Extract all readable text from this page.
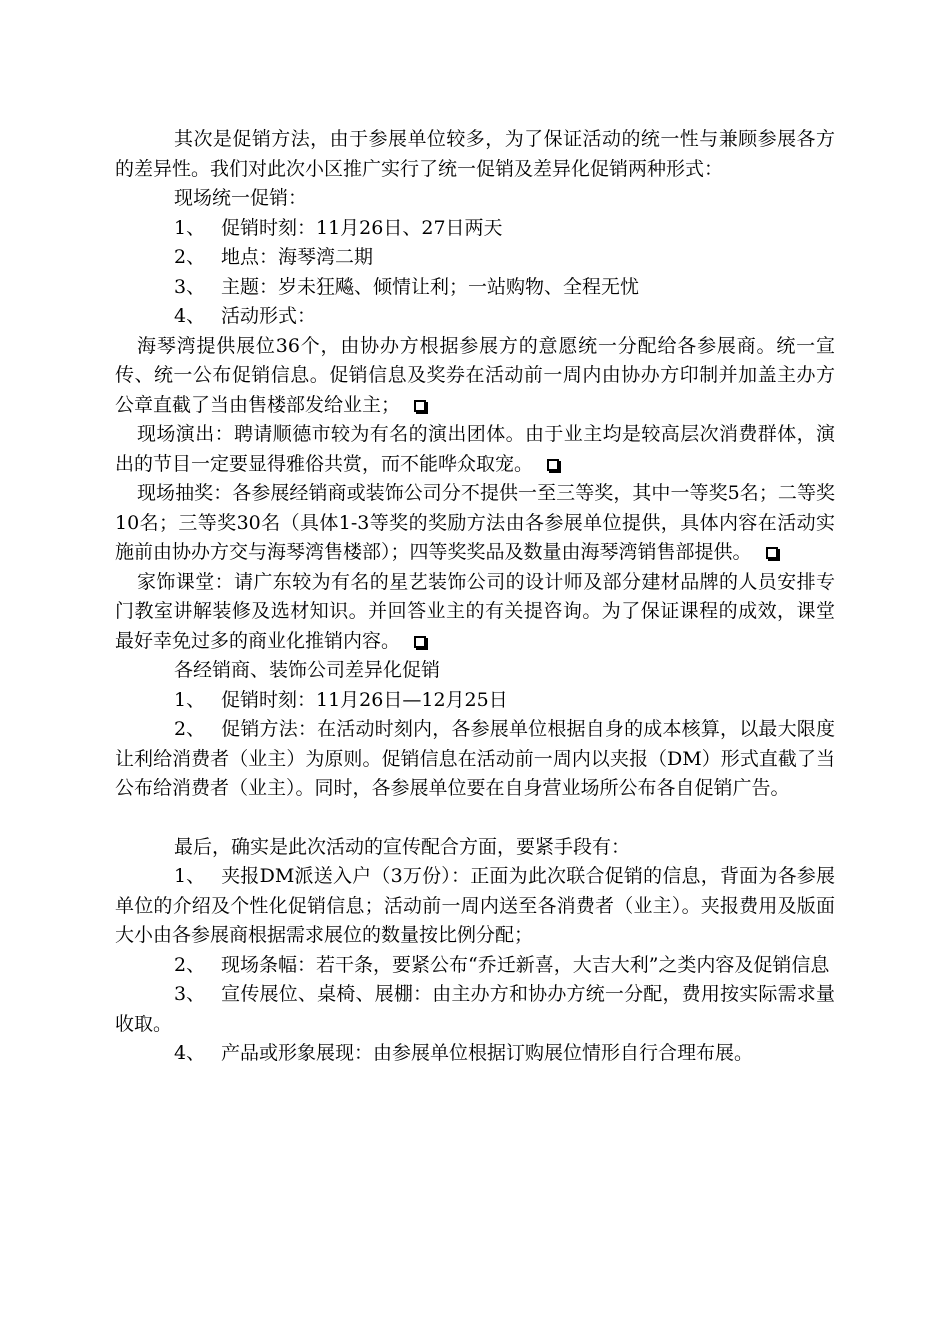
其次是促销方法，由于参展单位较多，为了保证活动的统一性与兼顾参展各方的差异性。我们对此次小区推广实行了统一促销及差异化促销两种形式：

现场统一促销：

1、 促销时刻：11月26日、27日两天

2、 地点：海琴湾二期

3、 主题：岁未狂飚、倾情让利；一站购物、全程无忧

4、 活动形式：

海琴湾提供展位36个，由协办方根据参展方的意愿统一分配给各参展商。统一宣传、统一公布促销信息。促销信息及奖券在活动前一周内由协办方印制并加盖主办方公章直截了当由售楼部发给业主；

现场演出：聘请顺德市较为有名的演出团体。由于业主均是较高层次消费群体，演出的节目一定要显得雅俗共赏，而不能哗众取宠。

现场抽奖：各参展经销商或装饰公司分不提供一至三等奖，其中一等奖5名；二等奖10名；三等奖30名（具体1-3等奖的奖励方法由各参展单位提供，具体内容在活动实施前由协办方交与海琴湾售楼部）；四等奖奖品及数量由海琴湾销售部提供。

家饰课堂：请广东较为有名的星艺装饰公司的设计师及部分建材品牌的人员安排专门教室讲解装修及选材知识。并回答业主的有关提咨询。为了保证课程的成效，课堂最好幸免过多的商业化推销内容。

各经销商、装饰公司差异化促销

1、 促销时刻：11月26日—12月25日

2、 促销方法：在活动时刻内，各参展单位根据自身的成本核算，以最大限度让利给消费者（业主）为原则。促销信息在活动前一周内以夹报（DM）形式直截了当公布给消费者（业主）。同时，各参展单位要在自身营业场所公布各自促销广告。

最后，确实是此次活动的宣传配合方面，要紧手段有：

1、 夹报DM派送入户（3万份）：正面为此次联合促销的信息，背面为各参展单位的介绍及个性化促销信息；活动前一周内送至各消费者（业主）。夹报费用及版面大小由各参展商根据需求展位的数量按比例分配；

2、 现场条幅：若干条，要紧公布“乔迁新喜，大吉大利”之类内容及促销信息

3、 宣传展位、桌椅、展棚：由主办方和协办方统一分配，费用按实际需求量收取。

4、 产品或形象展现：由参展单位根据订购展位情形自行合理布展。
